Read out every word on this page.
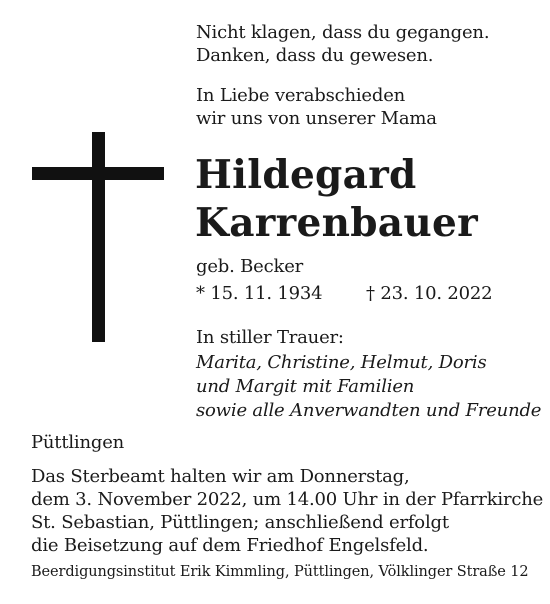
Nicht klagen, dass du gegangen.
Danken, dass du gewesen.
In Liebe verabschieden
wir uns von unserer Mama
Hildegard
Karrenbauer
geb. Becker
* 15. 11. 1934 † 23. 10. 2022
In stiller Trauer:
Marita, Christine, Helmut, Doris
und Margit mit Familien
sowie alle Anverwandten und Freunde
Püttlingen
Das Sterbeamt halten wir am Donnerstag,
dem 3. November 2022, um 14.00 Uhr in der Pfarrkirche
St. Sebastian, Püttlingen; anschließend erfolgt
die Beisetzung auf dem Friedhof Engelsfeld.
Beerdigungsinstitut Erik Kimmling, Püttlingen, Völklinger Straße 12
